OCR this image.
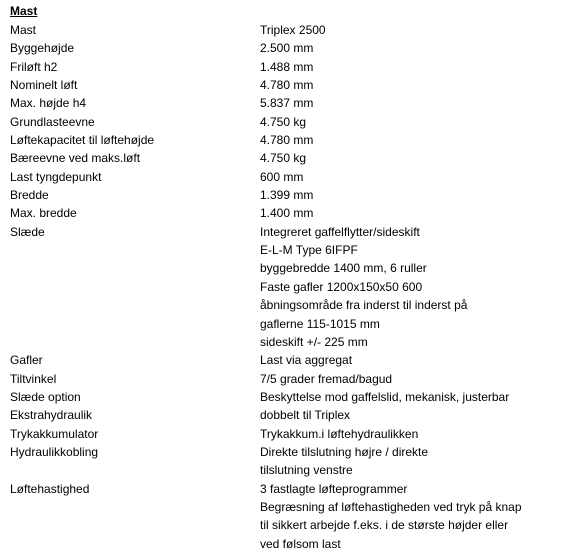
Mast
Mast	Triplex 2500
Byggehøjde	2.500 mm
Friløft h2	1.488 mm
Nominelt løft	4.780 mm
Max. højde h4	5.837 mm
Grundlasteevne	4.750 kg
Løftekapacitet til løftehøjde	4.780 mm
Bæreevne ved maks.løft	4.750 kg
Last tyngdepunkt	600 mm
Bredde	1.399 mm
Max. bredde	1.400 mm
Slæde	Integreret gaffelflytter/sideskift
E-L-M Type 6IFPF
byggebredde 1400 mm, 6 ruller
Faste gafler 1200x150x50 600
åbningsområde fra inderst til inderst på
gaflerne 115-1015 mm
sideskift +/- 225 mm
Gafler	Last via aggregat
Tiltvinkel	7/5 grader fremad/bagud
Slæde option	Beskyttelse mod gaffelslid, mekanisk, justerbar
Ekstrahydraulik	dobbelt til Triplex
Trykakkumulator	Trykakkum.i løftehydraulikken
Hydraulikkobling	Direkte tilslutning højre / direkte
tilslutning venstre
Løftehastighed	3 fastlagte løfteprogrammer
Begræsning af løftehastigheden ved tryk på knap
til sikkert arbejde f.eks. i de største højder eller
ved følsom last
